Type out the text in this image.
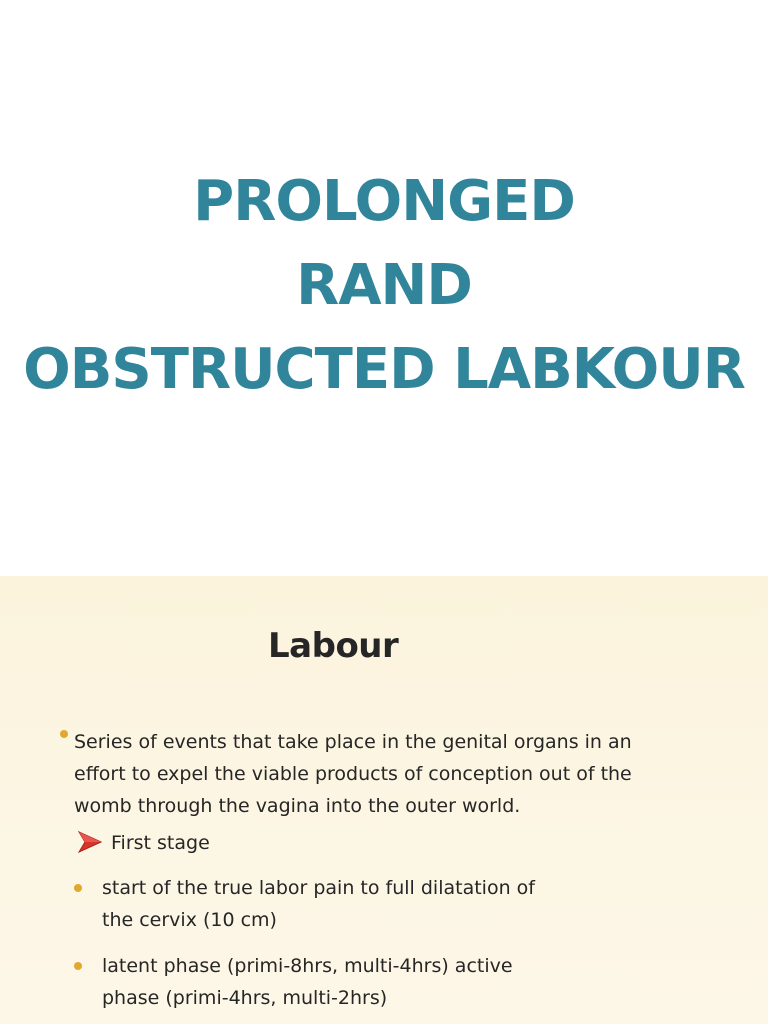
PROLONGED
RAND
OBSTRUCTED LABKOUR
Labour
Series of events that take place in the genital organs in an
effort to expel the viable products of conception out of the
womb through the vagina into the outer world.
First stage
start of the true labor pain to full dilatation of
the cervix (10 cm)
latent phase (primi-8hrs, multi-4hrs) active
phase (primi-4hrs, multi-2hrs)
